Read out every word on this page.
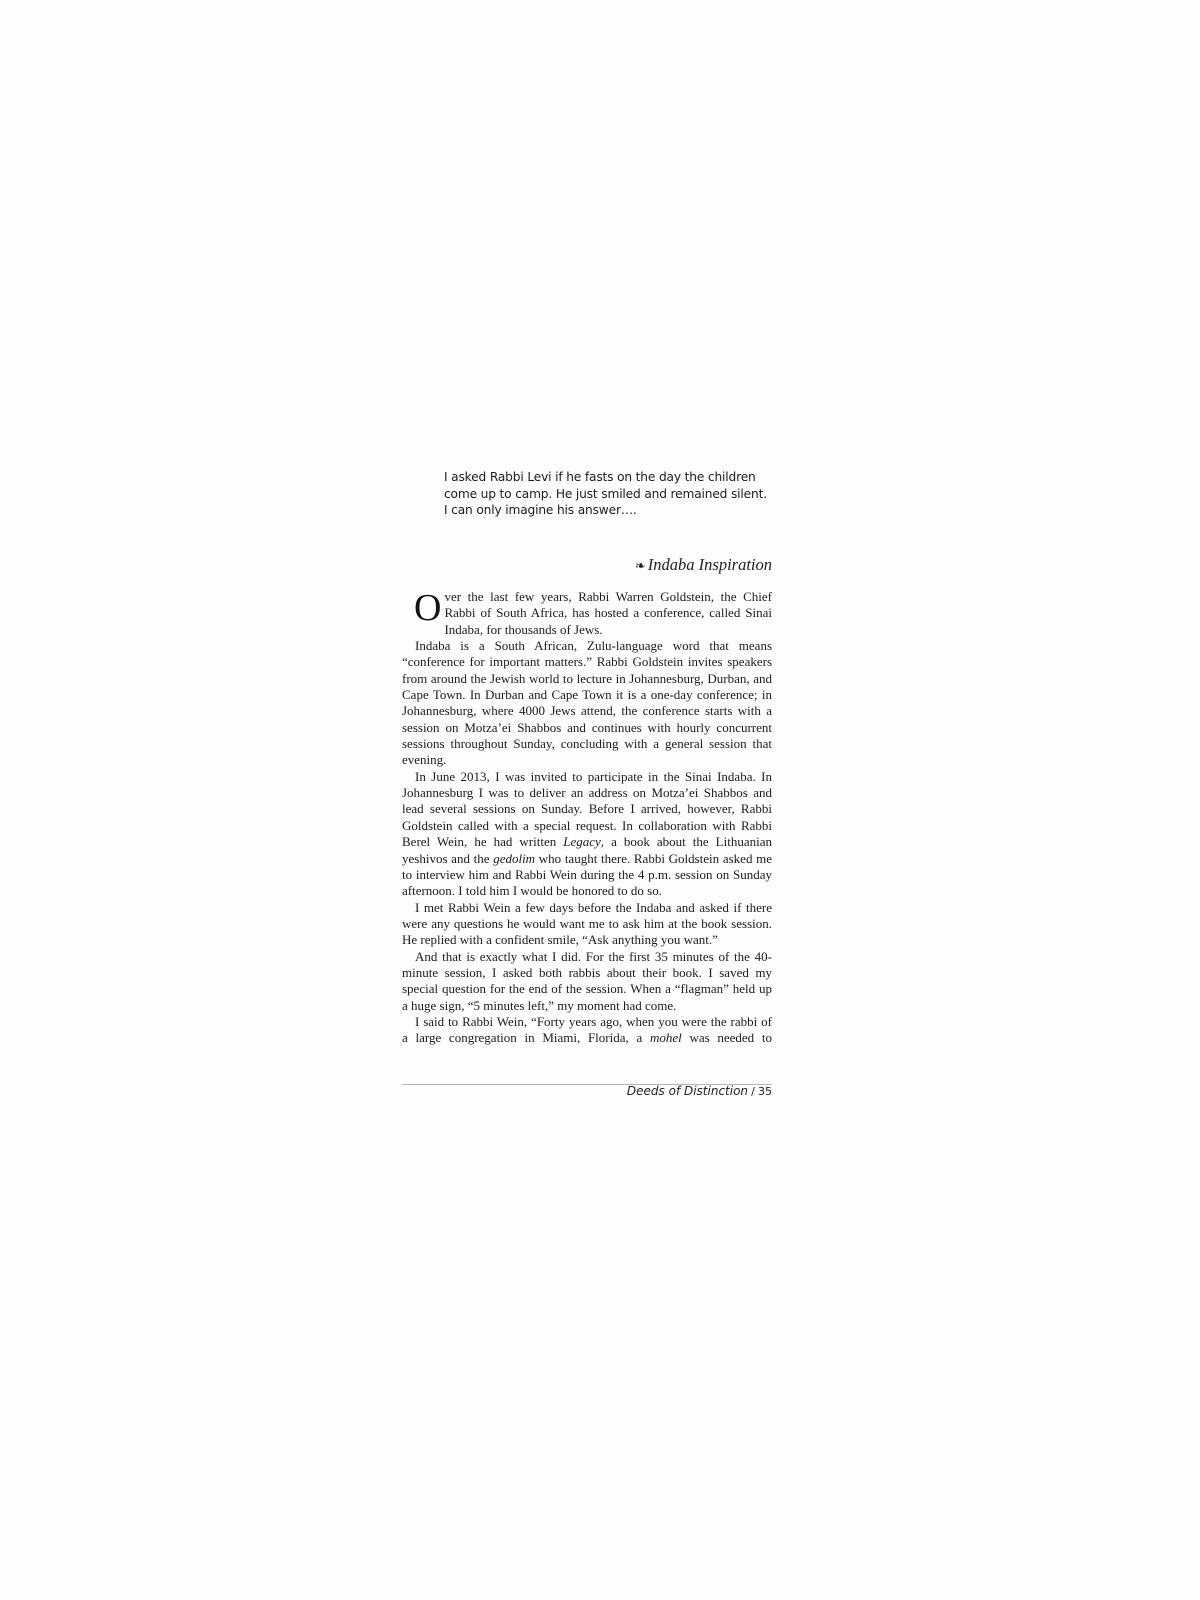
I asked Rabbi Levi if he fasts on the day the children come up to camp. He just smiled and remained silent. I can only imagine his answer….
❧ Indaba Inspiration

Over the last few years, Rabbi Warren Goldstein, the Chief Rabbi of South Africa, has hosted a conference, called Sinai Indaba, for thousands of Jews.

Indaba is a South African, Zulu-language word that means “conference for important matters.” Rabbi Goldstein invites speakers from around the Jewish world to lecture in Johannesburg, Durban, and Cape Town. In Durban and Cape Town it is a one-day conference; in Johannesburg, where 4000 Jews attend, the conference starts with a session on Motza’ei Shabbos and continues with hourly concurrent sessions throughout Sunday, concluding with a general session that evening.

In June 2013, I was invited to participate in the Sinai Indaba. In Johannesburg I was to deliver an address on Motza’ei Shabbos and lead several sessions on Sunday. Before I arrived, however, Rabbi Goldstein called with a special request. In collaboration with Rabbi Berel Wein, he had written Legacy, a book about the Lithuanian yeshivos and the gedolim who taught there. Rabbi Goldstein asked me to interview him and Rabbi Wein during the 4 p.m. session on Sunday afternoon. I told him I would be honored to do so.

I met Rabbi Wein a few days before the Indaba and asked if there were any questions he would want me to ask him at the book session. He replied with a confident smile, “Ask anything you want.”

And that is exactly what I did. For the first 35 minutes of the 40-minute session, I asked both rabbis about their book. I saved my special question for the end of the session. When a “flagman” held up a huge sign, “5 minutes left,” my moment had come.

I said to Rabbi Wein, “Forty years ago, when you were the rabbi of a large congregation in Miami, Florida, a mohel was needed to

Deeds of Distinction / 35
